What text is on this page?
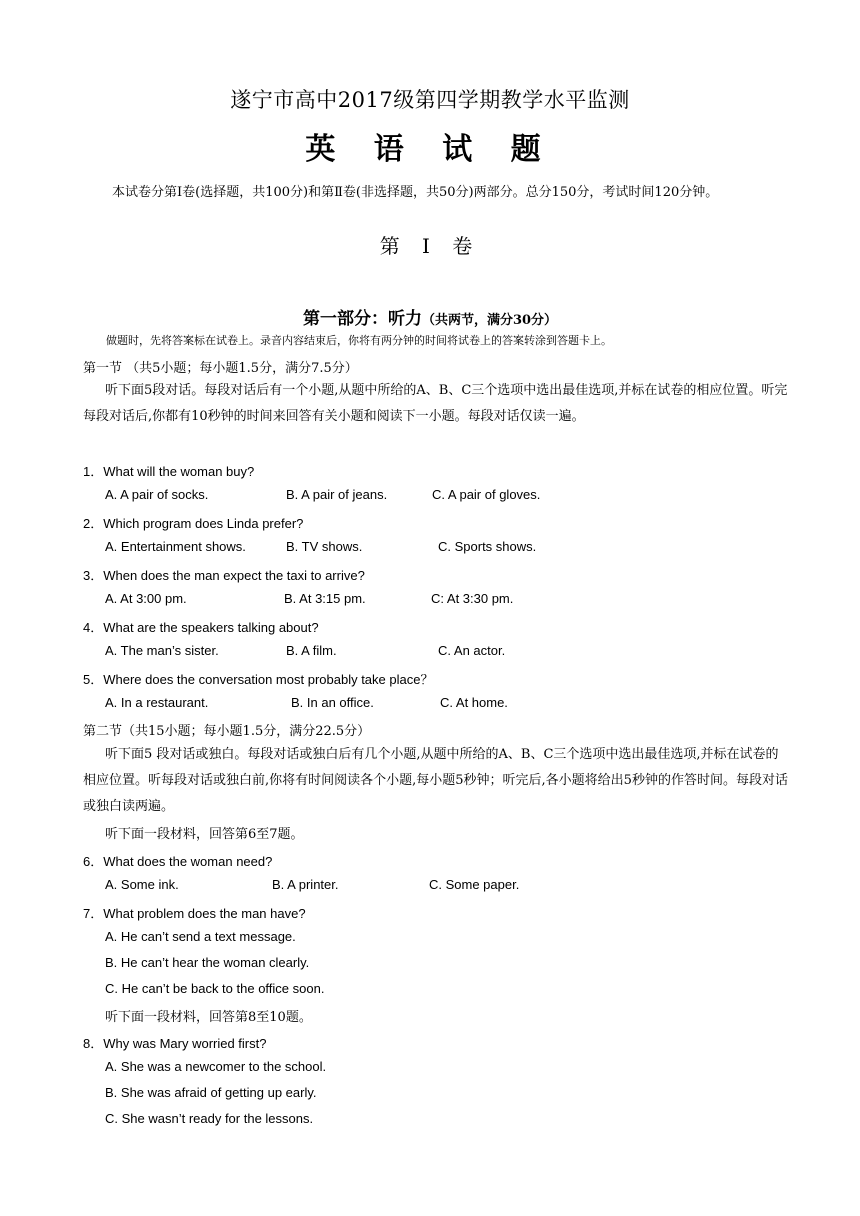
遂宁市高中2017级第四学期教学水平监测
英 语 试 题
本试卷分第Ⅰ卷(选择题，共100分)和第Ⅱ卷(非选择题，共50分)两部分。总分150分，考试时间120分钟。
第 Ⅰ 卷
第一部分：听力（共两节，满分30分）
做题时，先将答案标在试卷上。录音内容结束后，你将有两分钟的时间将试卷上的答案转涂到答题卡上。
第一节 （共5小题；每小题1.5分，满分7.5分）
听下面5段对话。每段对话后有一个小题,从题中所给的A、B、C三个选项中选出最佳选项,并标在试卷的相应位置。听完每段对话后,你都有10秒钟的时间来回答有关小题和阅读下一小题。每段对话仅读一遍。
1．What will the woman buy?
A. A pair of socks.	B. A pair of jeans.	C. A pair of gloves.
2．Which program does Linda prefer?
A. Entertainment shows.	B. TV shows.	C. Sports shows.
3．When does the man expect the taxi to arrive?
A. At 3:00 pm.	B. At 3:15 pm.	C: At 3:30 pm.
4．What are the speakers talking about?
A. The man’s sister.	B. A film.	C. An actor.
5．Where does the conversation most probably take place？
A. In a restaurant.	B. In an office.	C. At home.
第二节（共15小题；每小题1.5分，满分22.5分）
听下面5 段对话或独白。每段对话或独白后有几个小题,从题中所给的A、B、C三个选项中选出最佳选项,并标在试卷的相应位置。听每段对话或独白前,你将有时间阅读各个小题,每小题5秒钟；听完后,各小题将给出5秒钟的作答时间。每段对话或独白读两遍。
听下面一段材料，回答第6至7题。
6．What does the woman need?
A. Some ink.	B. A printer.	C. Some paper.
7．What problem does the man have?
A. He can’t send a text message.
B. He can’t hear the woman clearly.
C. He can’t be back to the office soon.
听下面一段材料，回答第8至10题。
8．Why was Mary worried first?
A. She was a newcomer to the school.
B. She was afraid of getting up early.
C. She wasn’t ready for the lessons.
